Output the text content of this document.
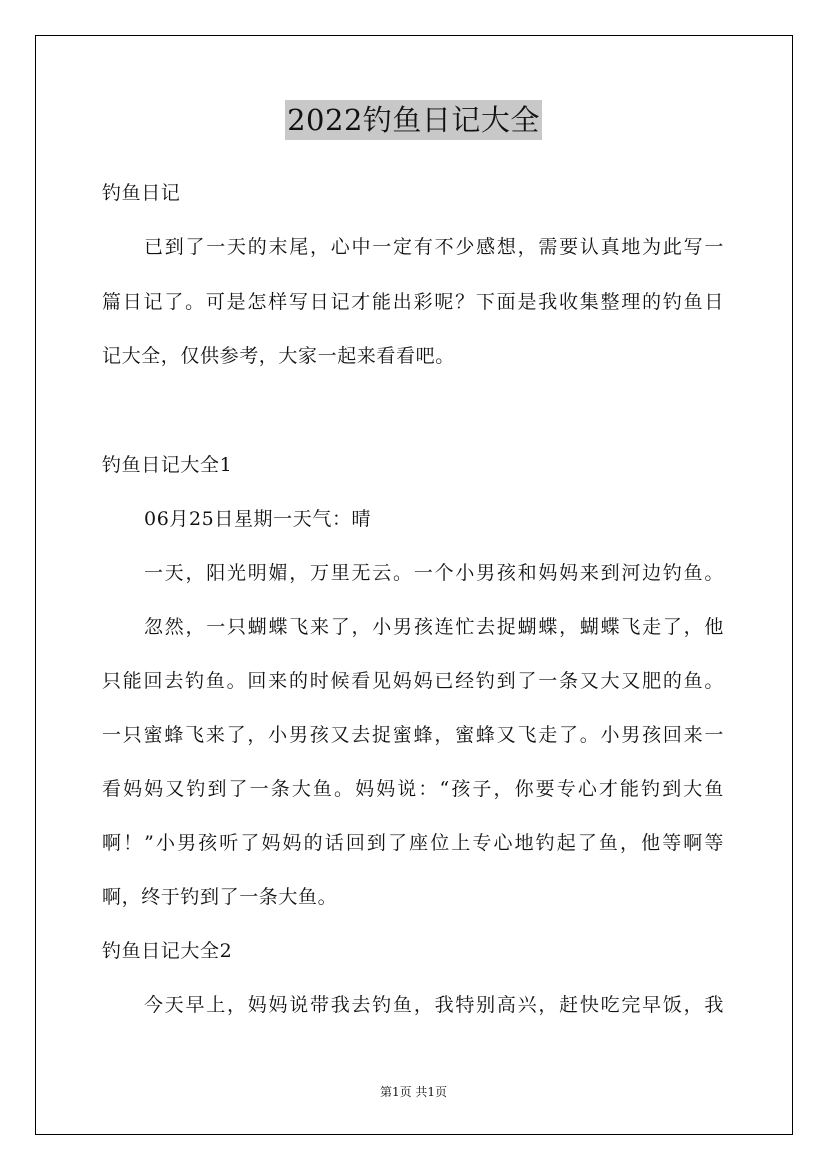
2022钓鱼日记大全
钓鱼日记
已到了一天的末尾，心中一定有不少感想，需要认真地为此写一
篇日记了。可是怎样写日记才能出彩呢？下面是我收集整理的钓鱼日
记大全，仅供参考，大家一起来看看吧。
钓鱼日记大全1
06月25日星期一天气：晴
一天，阳光明媚，万里无云。一个小男孩和妈妈来到河边钓鱼。
忽然，一只蝴蝶飞来了，小男孩连忙去捉蝴蝶，蝴蝶飞走了，他
只能回去钓鱼。回来的时候看见妈妈已经钓到了一条又大又肥的鱼。
一只蜜蜂飞来了，小男孩又去捉蜜蜂，蜜蜂又飞走了。小男孩回来一
看妈妈又钓到了一条大鱼。妈妈说：“孩子，你要专心才能钓到大鱼
啊！”小男孩听了妈妈的话回到了座位上专心地钓起了鱼，他等啊等
啊，终于钓到了一条大鱼。
钓鱼日记大全2
今天早上，妈妈说带我去钓鱼，我特别高兴，赶快吃完早饭，我
第1页 共1页
